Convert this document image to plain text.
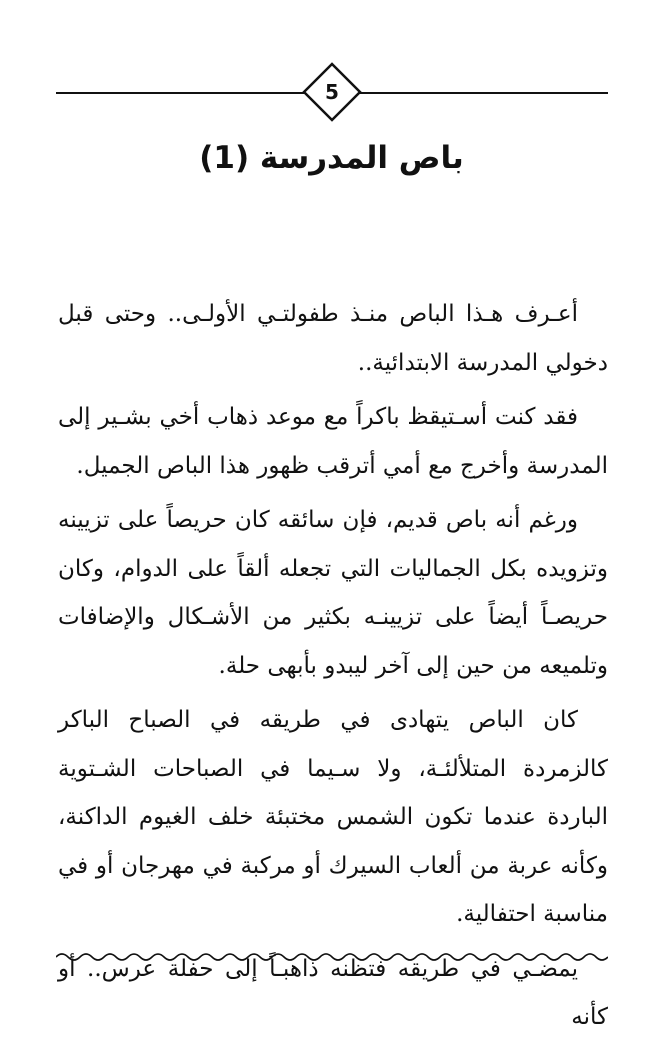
5
باص المدرسة (1)

أعـرف هـذا الباص منـذ طفولتـي الأولـى.. وحتى قبل دخولي المدرسة الابتدائية..

فقد كنت أسـتيقظ باكراً مع موعد ذهاب أخي بشـير إلى المدرسة وأخرج مع أمي أترقب ظهور هذا الباص الجميل.

ورغم أنه باص قديم، فإن سائقه كان حريصاً على تزيينه وتزويده بكل الجماليات التي تجعله ألقاً على الدوام، وكان حريصـاً أيضاً على تزيينـه بكثير من الأشـكال والإضافات وتلميعه من حين إلى آخر ليبدو بأبهى حلة.

كان الباص يتهادى في طريقه في الصباح الباكر كالزمردة المتلألئـة، ولا سـيما في الصباحات الشـتوية الباردة عندما تكون الشمس مختبئة خلف الغيوم الداكنة، وكأنه عربة من ألعاب السيرك أو مركبة في مهرجان أو في مناسبة احتفالية.

يمضـي في طريقه فتظنه ذاهبـاً إلى حفلة عرس.. أو كأنه
